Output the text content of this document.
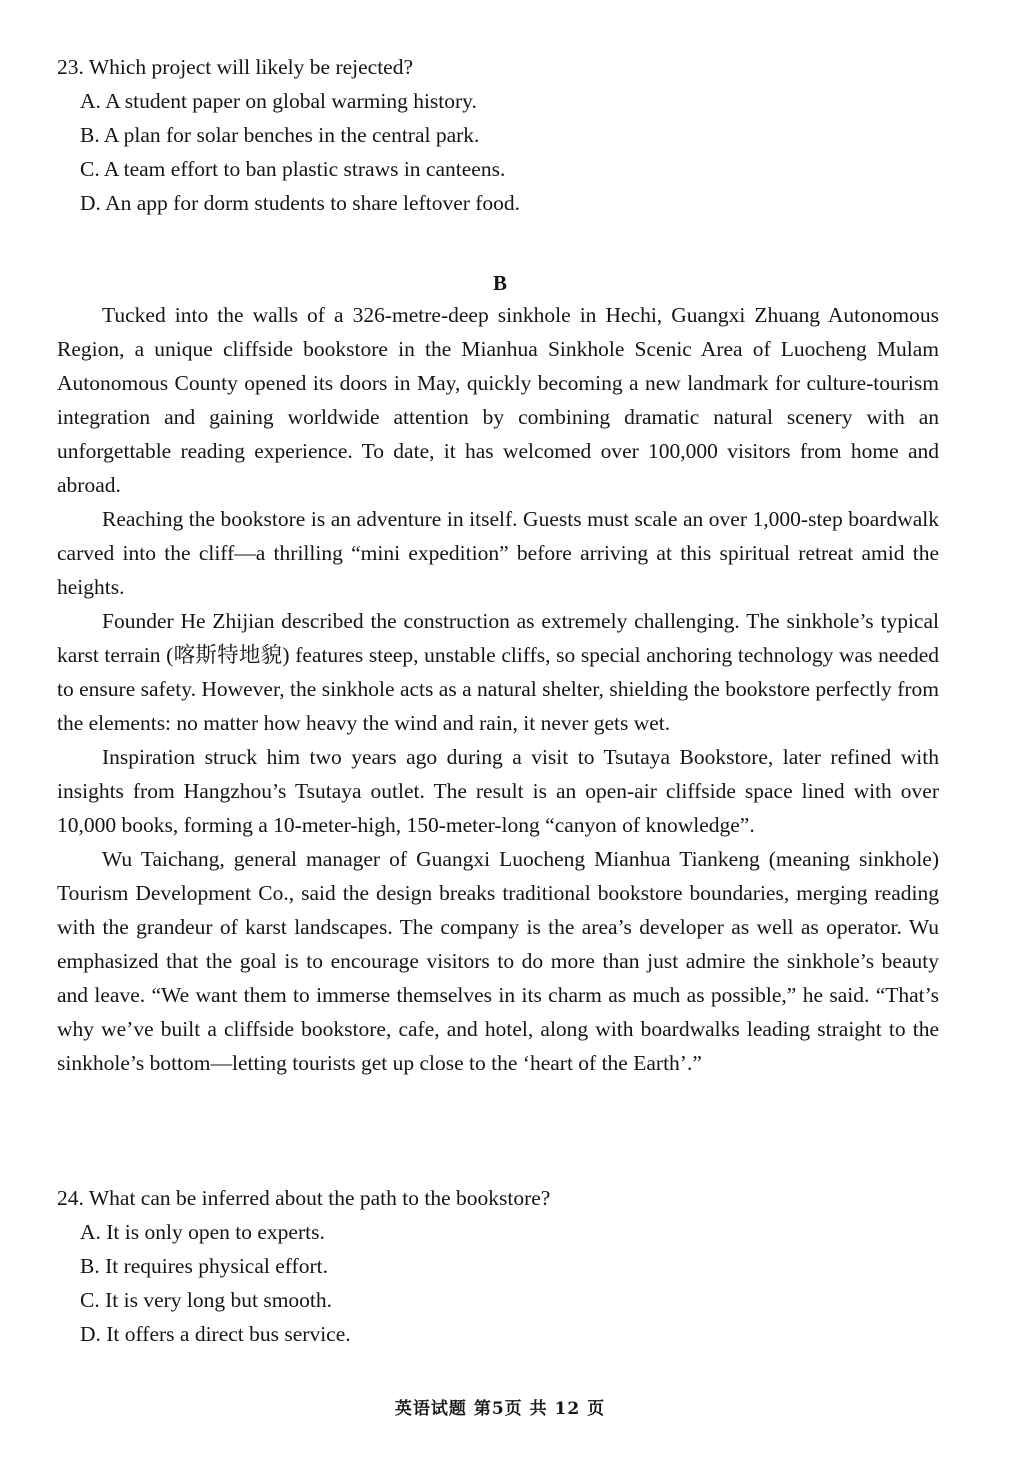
23. Which project will likely be rejected?
A. A student paper on global warming history.
B. A plan for solar benches in the central park.
C. A team effort to ban plastic straws in canteens.
D. An app for dorm students to share leftover food.
B

Tucked into the walls of a 326-metre-deep sinkhole in Hechi, Guangxi Zhuang Autonomous Region, a unique cliffside bookstore in the Mianhua Sinkhole Scenic Area of Luocheng Mulam Autonomous County opened its doors in May, quickly becoming a new landmark for culture-tourism integration and gaining worldwide attention by combining dramatic natural scenery with an unforgettable reading experience. To date, it has welcomed over 100,000 visitors from home and abroad.

Reaching the bookstore is an adventure in itself. Guests must scale an over 1,000-step boardwalk carved into the cliff—a thrilling “mini expedition” before arriving at this spiritual retreat amid the heights.

Founder He Zhijian described the construction as extremely challenging. The sinkhole’s typical karst terrain (喀斯特地貌) features steep, unstable cliffs, so special anchoring technology was needed to ensure safety. However, the sinkhole acts as a natural shelter, shielding the bookstore perfectly from the elements: no matter how heavy the wind and rain, it never gets wet.

Inspiration struck him two years ago during a visit to Tsutaya Bookstore, later refined with insights from Hangzhou’s Tsutaya outlet. The result is an open-air cliffside space lined with over 10,000 books, forming a 10-meter-high, 150-meter-long “canyon of knowledge”.

Wu Taichang, general manager of Guangxi Luocheng Mianhua Tiankeng (meaning sinkhole) Tourism Development Co., said the design breaks traditional bookstore boundaries, merging reading with the grandeur of karst landscapes. The company is the area’s developer as well as operator. Wu emphasized that the goal is to encourage visitors to do more than just admire the sinkhole’s beauty and leave. “We want them to immerse themselves in its charm as much as possible,” he said. “That’s why we’ve built a cliffside bookstore, cafe, and hotel, along with boardwalks leading straight to the sinkhole’s bottom—letting tourists get up close to the ‘heart of the Earth’.”

24. What can be inferred about the path to the bookstore?
A. It is only open to experts.
B. It requires physical effort.
C. It is very long but smooth.
D. It offers a direct bus service.
英语试题 第5页 共 12 页
